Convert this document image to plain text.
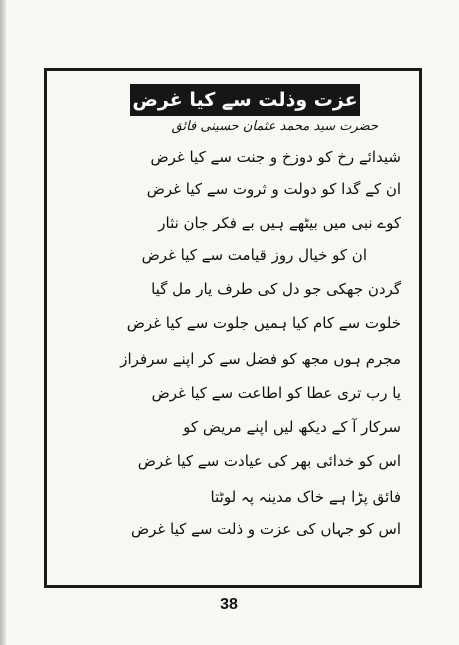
عزت وذلت سے کیا غرض
حضرت سید محمد عثمان حسینی فائق
شیدائے رخ کو دوزخ و جنت سے کیا غرض
ان کے گدا کو دولت و ثروت سے کیا غرض
کوے نبی میں بیٹھے ہیں بے فکر جان نثار
ان کو خیال روز قیامت سے کیا غرض
گردن جھکی جو دل کی طرف یار مل گیا
خلوت سے کام کیا ہمیں جلوت سے کیا غرض
مجرم ہوں مجھ کو فضل سے کر اپنے سرفراز
یا رب تری عطا کو اطاعت سے کیا غرض
سرکار آ کے دیکھ لیں اپنے مریض کو
اس کو خدائی بھر کی عیادت سے کیا غرض
فائق پڑا ہے خاک مدینہ پہ لوٹتا
اس کو جہاں کی عزت و ذلت سے کیا غرض
38
